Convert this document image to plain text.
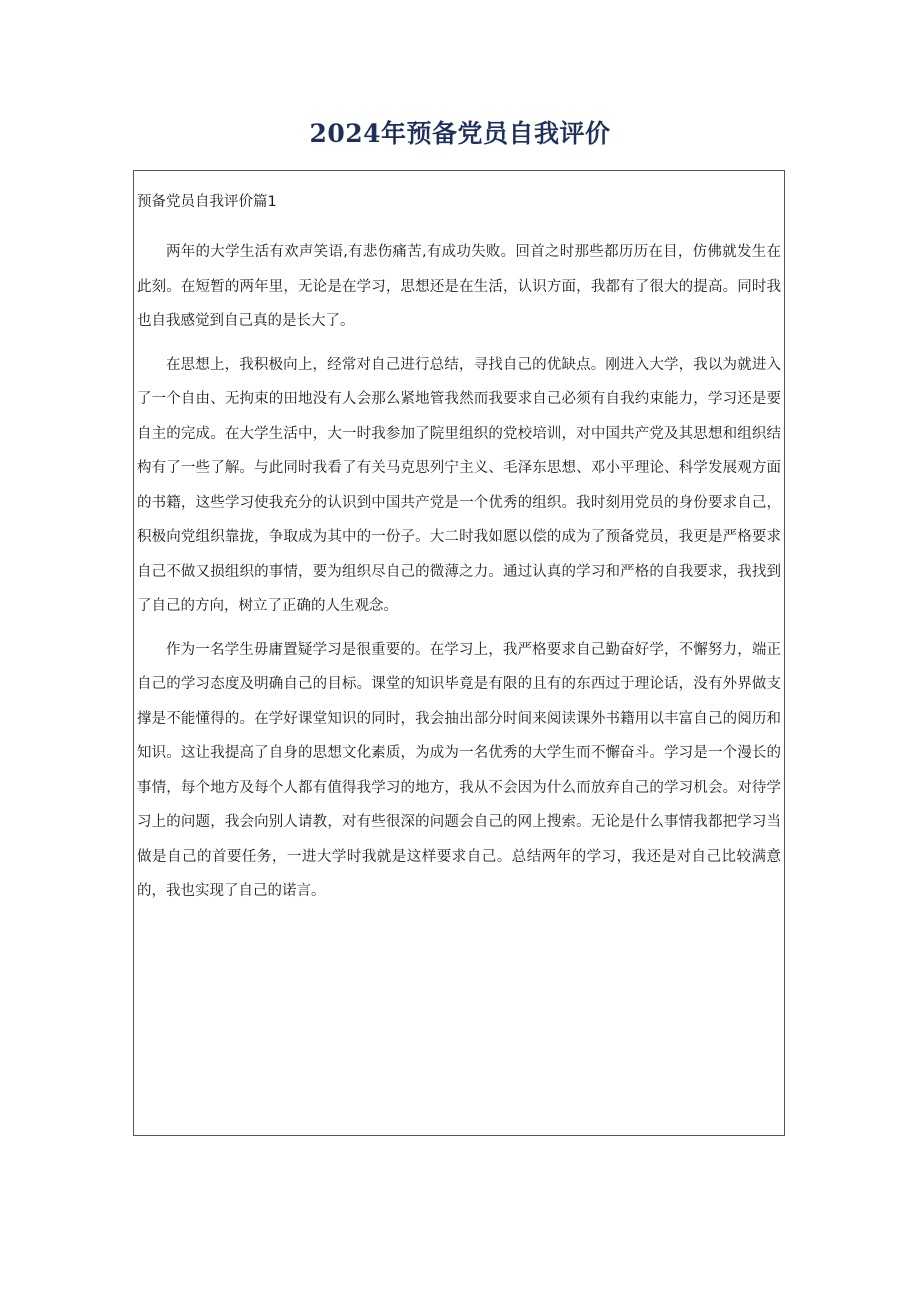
2024年预备党员自我评价
预备党员自我评价篇1

两年的大学生活有欢声笑语,有悲伤痛苦,有成功失败。回首之时那些都历历在目，仿佛就发生在此刻。在短暂的两年里，无论是在学习，思想还是在生活，认识方面，我都有了很大的提高。同时我也自我感觉到自己真的是长大了。

在思想上，我积极向上，经常对自己进行总结，寻找自己的优缺点。刚进入大学，我以为就进入了一个自由、无拘束的田地没有人会那么紧地管我然而我要求自己必须有自我约束能力，学习还是要自主的完成。在大学生活中，大一时我参加了院里组织的党校培训，对中国共产党及其思想和组织结构有了一些了解。与此同时我看了有关马克思列宁主义、毛泽东思想、邓小平理论、科学发展观方面的书籍，这些学习使我充分的认识到中国共产党是一个优秀的组织。我时刻用党员的身份要求自己，积极向党组织靠拢，争取成为其中的一份子。大二时我如愿以偿的成为了预备党员，我更是严格要求自己不做又损组织的事情，要为组织尽自己的微薄之力。通过认真的学习和严格的自我要求，我找到了自己的方向，树立了正确的人生观念。

作为一名学生毋庸置疑学习是很重要的。在学习上，我严格要求自己勤奋好学，不懈努力，端正自己的学习态度及明确自己的目标。课堂的知识毕竟是有限的且有的东西过于理论话，没有外界做支撑是不能懂得的。在学好课堂知识的同时，我会抽出部分时间来阅读课外书籍用以丰富自己的阅历和知识。这让我提高了自身的思想文化素质，为成为一名优秀的大学生而不懈奋斗。学习是一个漫长的事情，每个地方及每个人都有值得我学习的地方，我从不会因为什么而放弃自己的学习机会。对待学习上的问题，我会向别人请教，对有些很深的问题会自己的网上搜索。无论是什么事情我都把学习当做是自己的首要任务，一进大学时我就是这样要求自己。总结两年的学习，我还是对自己比较满意的，我也实现了自己的诺言。
